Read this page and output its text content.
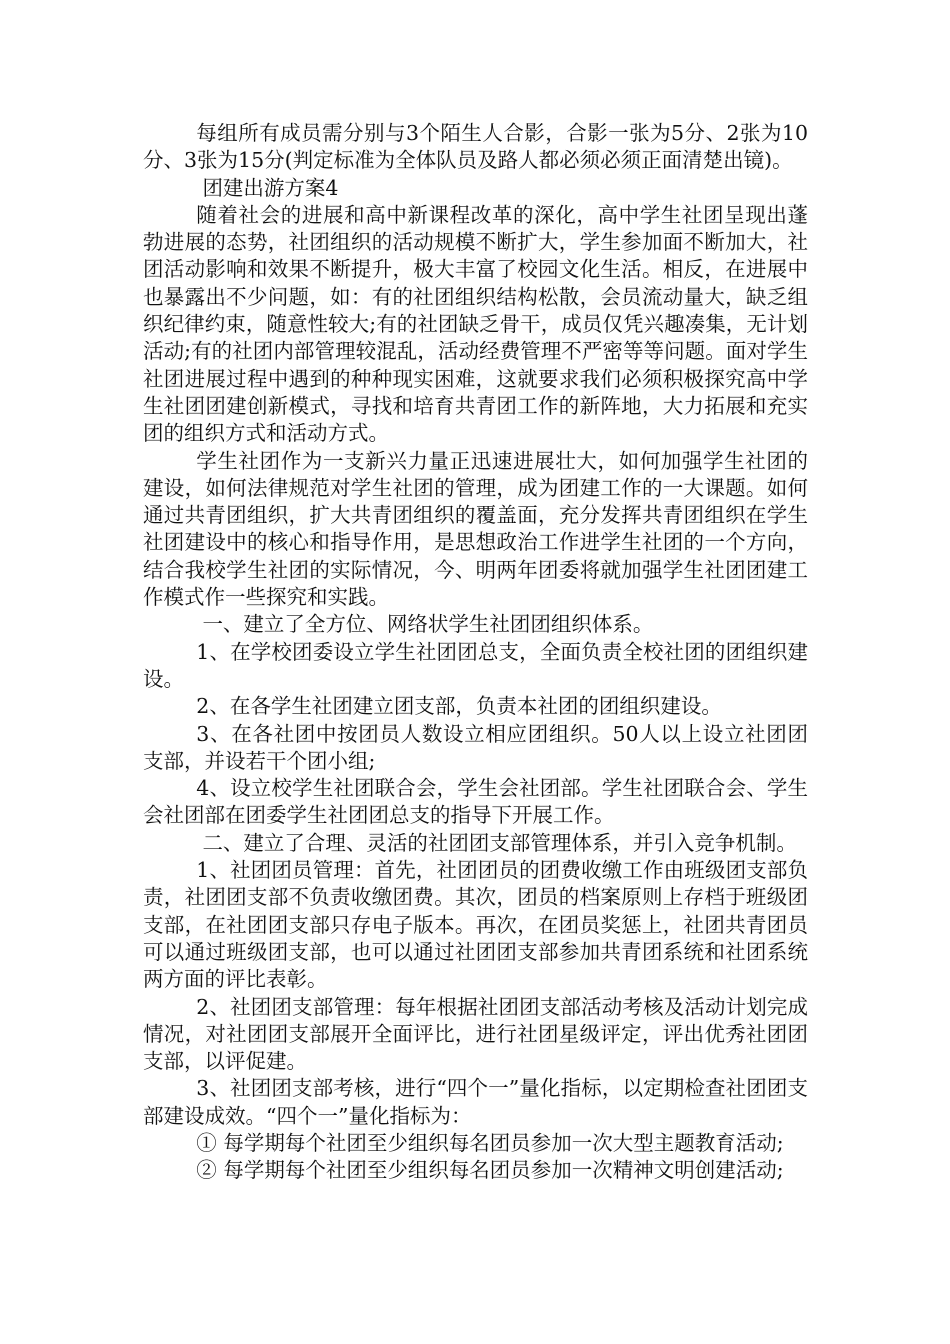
每组所有成员需分别与3个陌生人合影，合影一张为5分、2张为10分、3张为15分(判定标准为全体队员及路人都必须必须正面清楚出镜)。

团建出游方案4

随着社会的进展和高中新课程改革的深化，高中学生社团呈现出蓬勃进展的态势，社团组织的活动规模不断扩大，学生参加面不断加大，社团活动影响和效果不断提升，极大丰富了校园文化生活。相反，在进展中也暴露出不少问题，如：有的社团组织结构松散，会员流动量大，缺乏组织纪律约束，随意性较大;有的社团缺乏骨干，成员仅凭兴趣凑集，无计划活动;有的社团内部管理较混乱，活动经费管理不严密等等问题。面对学生社团进展过程中遇到的种种现实困难，这就要求我们必须积极探究高中学生社团团建创新模式，寻找和培育共青团工作的新阵地，大力拓展和充实团的组织方式和活动方式。

学生社团作为一支新兴力量正迅速进展壮大，如何加强学生社团的建设，如何法律规范对学生社团的管理，成为团建工作的一大课题。如何通过共青团组织，扩大共青团组织的覆盖面，充分发挥共青团组织在学生社团建设中的核心和指导作用，是思想政治工作进学生社团的一个方向，结合我校学生社团的实际情况，今、明两年团委将就加强学生社团团建工作模式作一些探究和实践。

一、建立了全方位、网络状学生社团团组织体系。

1、在学校团委设立学生社团团总支，全面负责全校社团的团组织建设。

2、在各学生社团建立团支部，负责本社团的团组织建设。

3、在各社团中按团员人数设立相应团组织。50人以上设立社团团支部，并设若干个团小组;

4、设立校学生社团联合会，学生会社团部。学生社团联合会、学生会社团部在团委学生社团团总支的指导下开展工作。

二、建立了合理、灵活的社团团支部管理体系，并引入竞争机制。

1、社团团员管理：首先，社团团员的团费收缴工作由班级团支部负责，社团团支部不负责收缴团费。其次，团员的档案原则上存档于班级团支部，在社团团支部只存电子版本。再次，在团员奖惩上，社团共青团员可以通过班级团支部，也可以通过社团团支部参加共青团系统和社团系统两方面的评比表彰。

2、社团团支部管理：每年根据社团团支部活动考核及活动计划完成情况，对社团团支部展开全面评比，进行社团星级评定，评出优秀社团团支部，以评促建。

3、社团团支部考核，进行“四个一”量化指标，以定期检查社团团支部建设成效。“四个一”量化指标为：

① 每学期每个社团至少组织每名团员参加一次大型主题教育活动;

② 每学期每个社团至少组织每名团员参加一次精神文明创建活动;
